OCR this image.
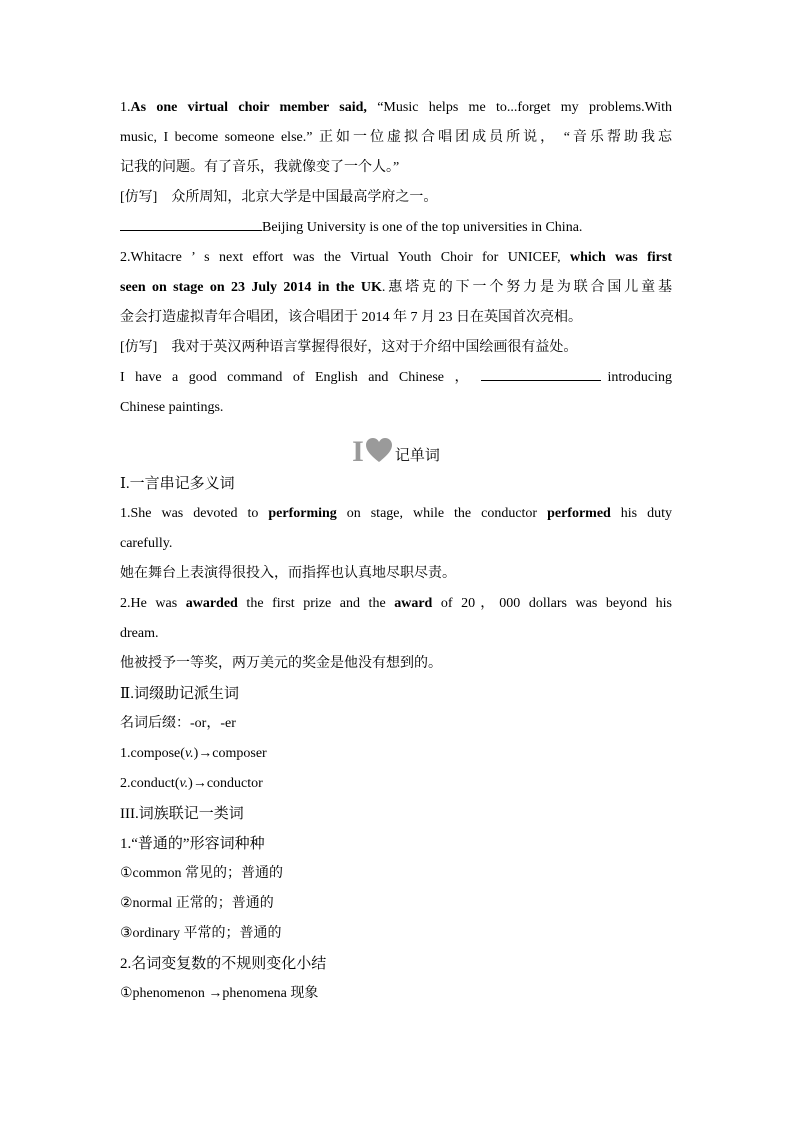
1.As one virtual choir member said, “Music helps me to...forget my problems.With
music, I become someone else.” 正如一位虚拟合唱团成员所说， “音乐帮助我忘
记我的问题。有了音乐，我就像变了一个人。”
[仿写]　众所周知，北京大学是中国最高学府之一。
Beijing University is one of the top universities in China.
2.Whitacre ’ s next effort was the Virtual Youth Choir for UNICEF, which was first
seen on stage on 23 July 2014 in the UK.惠塔克的下一个努力是为联合国儿童基
金会打造虚拟青年合唱团，该合唱团于 2014 年 7 月 23 日在英国首次亮相。
[仿写]　我对于英汉两种语言掌握得很好，这对于介绍中国绘画很有益处。
I have a good command of English and Chinese ，	introducing
Chinese paintings.
I 记单词
Ⅰ.一言串记多义词
1.She was devoted to performing on stage, while the conductor performed his duty
carefully.
她在舞台上表演得很投入，而指挥也认真地尽职尽责。
2.He was awarded the first prize and the award of 20，000 dollars was beyond his
dream.
他被授予一等奖，两万美元的奖金是他没有想到的。
Ⅱ.词缀助记派生词
名词后缀：-or，-er
1.compose(v.)→composer
2.conduct(v.)→conductor
III.词族联记一类词
1.“普通的”形容词种种
①common 常见的；普通的
②normal 正常的；普通的
③ordinary 平常的；普通的
2.名词变复数的不规则变化小结
①phenomenon →phenomena 现象
